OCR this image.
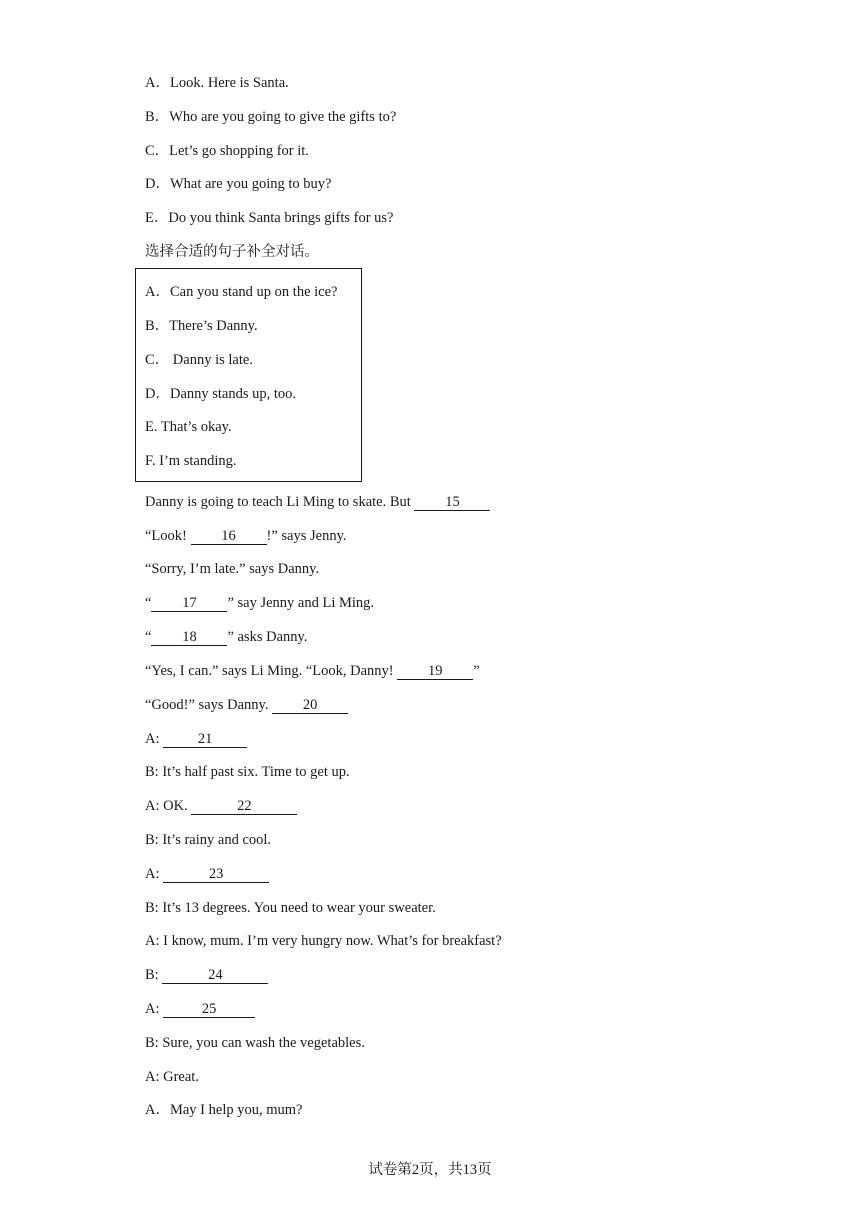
A．Look. Here is Santa.
B．Who are you going to give the gifts to?
C．Let’s go shopping for it.
D．What are you going to buy?
E．Do you think Santa brings gifts for us?
选择合适的句子补全对话。
A．Can you stand up on the ice?
B．There’s Danny.
C． Danny is late.
D．Danny stands up, too.
E. That’s okay.
F. I’m standing.
Danny is going to teach Li Ming to skate. But 15
“Look! 16 !” says Jenny.
“Sorry, I’m late.” says Danny.
“ 17 ” say Jenny and Li Ming.
“ 18 ” asks Danny.
“Yes, I can.” says Li Ming. “Look, Danny! 19 ”
“Good!” says Danny. 20
A: 21
B: It’s half past six. Time to get up.
A: OK.	22
B: It’s rainy and cool.
A:	23
B: It’s 13 degrees. You need to wear your sweater.
A: I know, mum. I’m very hungry now. What’s for breakfast?
B:	24
A:	25
B: Sure, you can wash the vegetables.
A: Great.
A．May I help you, mum?
试卷第2页，共13页
